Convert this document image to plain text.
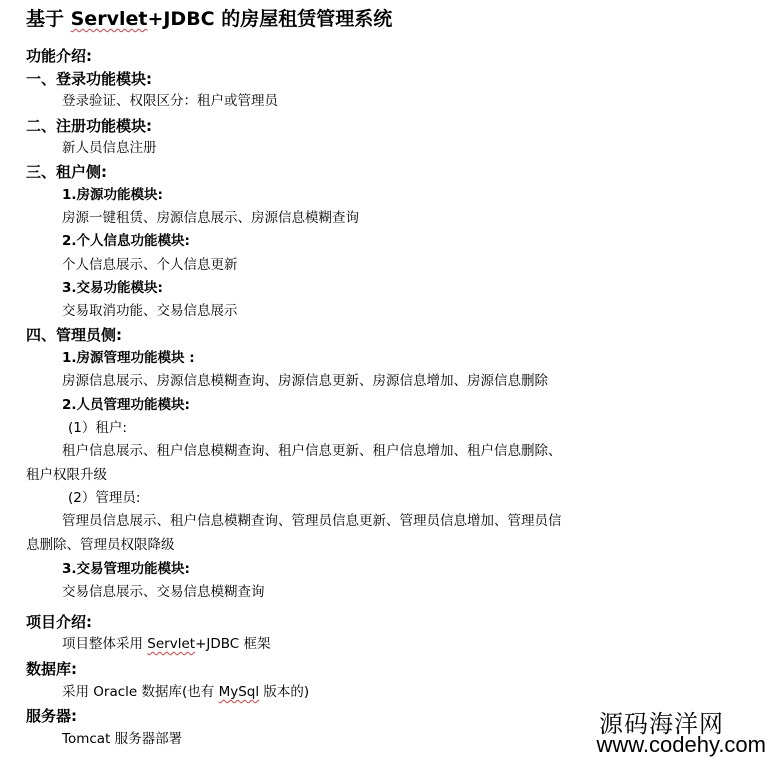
基于 Servlet+JDBC 的房屋租赁管理系统
功能介绍:
一、登录功能模块:
登录验证、权限区分：租户或管理员
二、注册功能模块:
新人员信息注册
三、租户侧:
1.房源功能模块:
房源一键租赁、房源信息展示、房源信息模糊查询
2.个人信息功能模块:
个人信息展示、个人信息更新
3.交易功能模块:
交易取消功能、交易信息展示
四、管理员侧:
1.房源管理功能模块 :
房源信息展示、房源信息模糊查询、房源信息更新、房源信息增加、房源信息删除
2.人员管理功能模块:
(1）租户:
租户信息展示、租户信息模糊查询、租户信息更新、租户信息增加、租户信息删除、
租户权限升级
(2）管理员:
管理员信息展示、租户信息模糊查询、管理员信息更新、管理员信息增加、管理员信
息删除、管理员权限降级
3.交易管理功能模块:
交易信息展示、交易信息模糊查询
项目介绍:
项目整体采用 Servlet+JDBC 框架
数据库:
采用 Oracle 数据库(也有 MySql 版本的)
服务器:
Tomcat 服务器部署
源码海洋网
www.codehy.com
